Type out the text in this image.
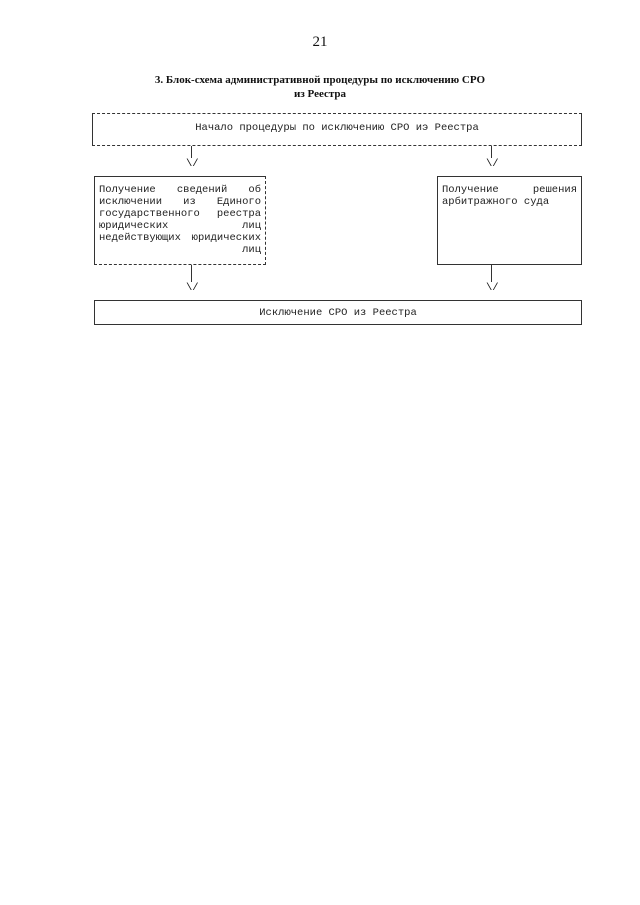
21
3. Блок-схема административной процедуры по исключению СРО
из Реестра
Начало процедуры по исключению СРО иэ Реестра
\/	\/
Получение сведений об исключении из Единого государственного реестра юридических лиц недействующих юридических лиц
Получение решения арбитражного суда
\/	\/
Исключение СРО из Реестра
